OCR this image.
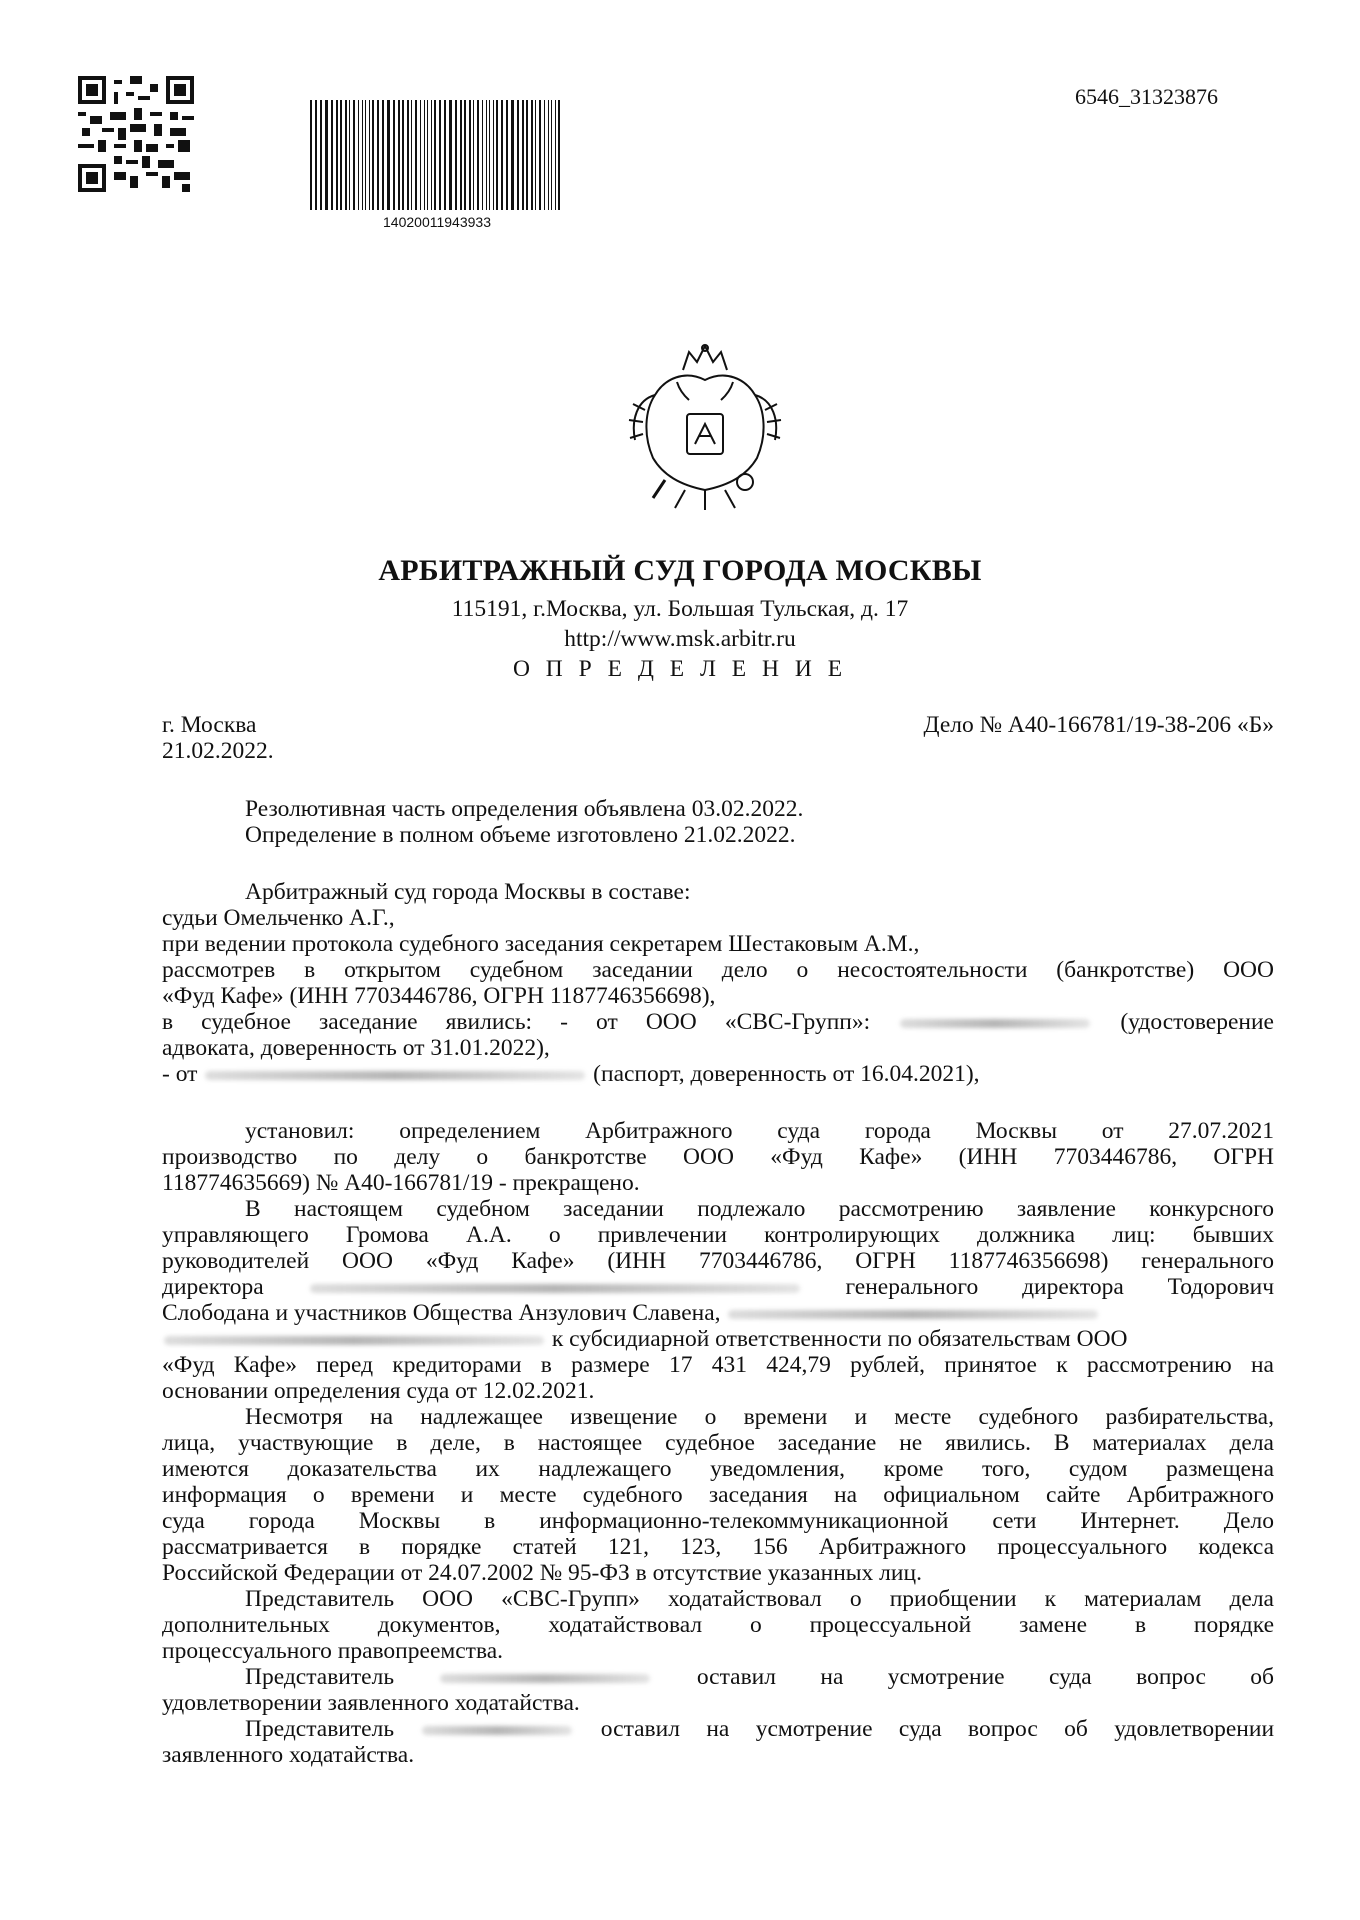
14020011943933
6546_31323876
АРБИТРАЖНЫЙ СУД ГОРОДА МОСКВЫ
115191, г.Москва, ул. Большая Тульская, д. 17
http://www.msk.arbitr.ru
О П Р Е Д Е Л Е Н И Е
г. Москва
21.02.2022.
Дело № А40-166781/19-38-206 «Б»
Резолютивная часть определения объявлена 03.02.2022.
Определение в полном объеме изготовлено 21.02.2022.
Арбитражный суд города Москвы в составе:
судьи Омельченко А.Г.,
при ведении протокола судебного заседания секретарем Шестаковым А.М.,
рассмотрев в открытом судебном заседании дело о несостоятельности (банкротстве) ООО
«Фуд Кафе» (ИНН 7703446786, ОГРН 1187746356698),
в судебное заседание явились: - от ООО «СВС-Групп»:	(удостоверение
адвоката, доверенность от 31.01.2022),
- от	(паспорт, доверенность от 16.04.2021),
установил: определением Арбитражного суда города Москвы от 27.07.2021
производство по делу о банкротстве ООО «Фуд Кафе» (ИНН 7703446786, ОГРН
118774635669) № А40-166781/19 - прекращено.
В настоящем судебном заседании подлежало рассмотрению заявление конкурсного
управляющего Громова А.А. о привлечении контролирующих должника лиц: бывших
руководителей ООО «Фуд Кафе» (ИНН 7703446786, ОГРН 1187746356698) генерального
директора	генерального директора Тодорович
Слободана и участников Общества Анзулович Славена,
к субсидиарной ответственности по обязательствам ООО
«Фуд Кафе» перед кредиторами в размере 17 431 424,79 рублей, принятое к рассмотрению на
основании определения суда от 12.02.2021.
Несмотря на надлежащее извещение о времени и месте судебного разбирательства,
лица, участвующие в деле, в настоящее судебное заседание не явились. В материалах дела
имеются доказательства их надлежащего уведомления, кроме того, судом размещена
информация о времени и месте судебного заседания на официальном сайте Арбитражного
суда города Москвы в информационно-телекоммуникационной сети Интернет. Дело
рассматривается в порядке статей 121, 123, 156 Арбитражного процессуального кодекса
Российской Федерации от 24.07.2002 № 95-ФЗ в отсутствие указанных лиц.
Представитель ООО «СВС-Групп» ходатайствовал о приобщении к материалам дела
дополнительных документов, ходатайствовал о процессуальной замене в порядке
процессуального правопреемства.
Представитель	оставил на усмотрение суда вопрос об
удовлетворении заявленного ходатайства.
Представитель	оставил на усмотрение суда вопрос об удовлетворении
заявленного ходатайства.
